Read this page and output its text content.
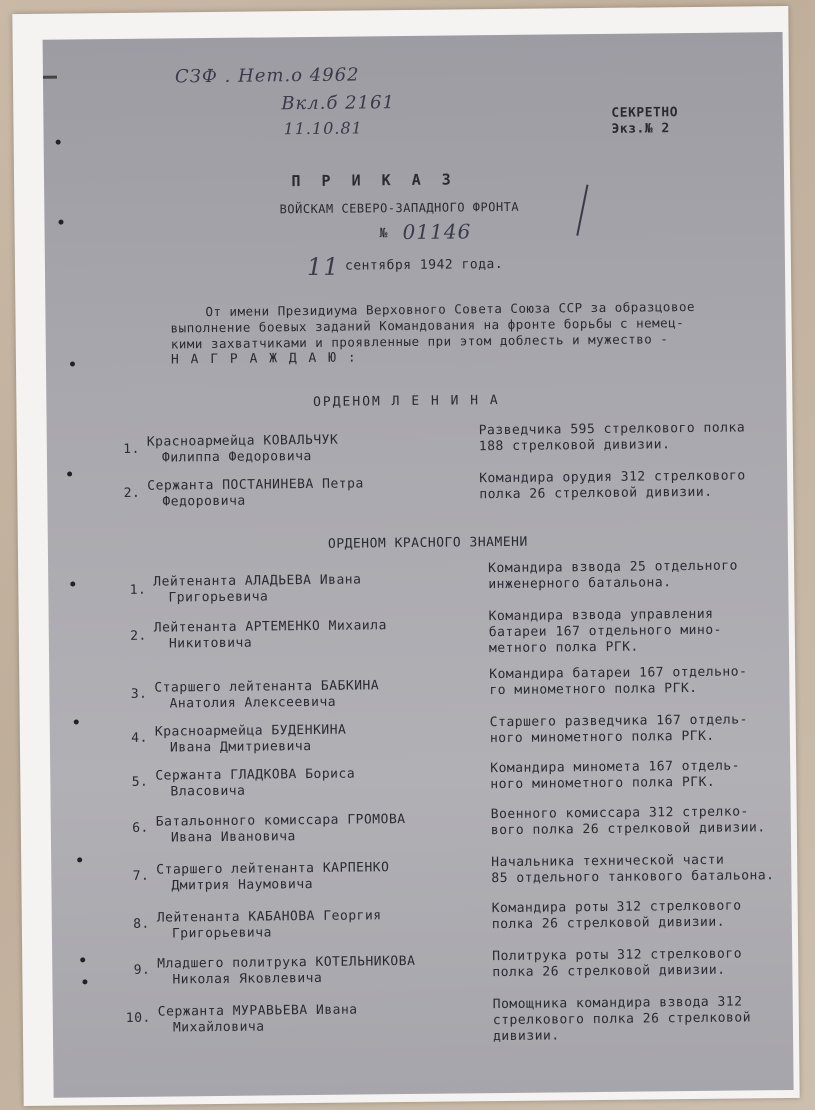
СЗФ . Нет.о 4962
Вкл.б 2161
11.10.81
СЕКРЕТНО
Экз.№ 2
П Р И К А З
ВОЙСКАМ СЕВЕРО-ЗАПАДНОГО ФРОНТА
№ 01146
11 сентября 1942 года.
От имени Президиума Верховного Совета Союза ССР за образцовое
выполнение боевых заданий Командования на фронте борьбы с немец-
кими захватчиками и проявленные при этом доблесть и мужество -
Н А Г Р А Ж Д А Ю :
ОРДЕНОМ Л Е Н И Н А
1. Красноармейца КОВАЛЬЧУК
Филиппа Федоровича
Разведчика 595 стрелкового полка
188 стрелковой дивизии.
2. Сержанта ПОСТАНИНЕВА Петра
Федоровича
Командира орудия 312 стрелкового
полка 26 стрелковой дивизии.
ОРДЕНОМ КРАСНОГО ЗНАМЕНИ
1.
Лейтенанта АЛАДЬЕВА Ивана
Григорьевича
Командира взвода 25 отдельного
инженерного батальона.
2.
Лейтенанта АРТЕМЕНКО Михаила
Никитовича
Командира взвода управления
батареи 167 отдельного мино-
метного полка РГК.
3. Старшего лейтенанта БАБКИНА
Анатолия Алексеевича
Командира батареи 167 отдельно-
го минометного полка РГК.
4. Красноармейца БУДЕНКИНА
Ивана Дмитриевича
Старшего разведчика 167 отдель-
ного минометного полка РГК.
5. Сержанта ГЛАДКОВА Бориса
Власовича
Командира миномета 167 отдель-
ного минометного полка РГК.
6. Батальонного комиссара ГРОМОВА
Ивана Ивановича
Военного комиссара 312 стрелко-
вого полка 26 стрелковой дивизии.
7. Старшего лейтенанта КАРПЕНКО
Дмитрия Наумовича
Начальника технической части
85 отдельного танкового батальона.
8. Лейтенанта КАБАНОВА Георгия
Григорьевича
Командира роты 312 стрелкового
полка 26 стрелковой дивизии.
9. Младшего политрука КОТЕЛЬНИКОВА
Николая Яковлевича
Политрука роты 312 стрелкового
полка 26 стрелковой дивизии.
10. Сержанта МУРАВЬЕВА Ивана
Михайловича
Помощника командира взвода 312
стрелкового полка 26 стрелковой
дивизии.
